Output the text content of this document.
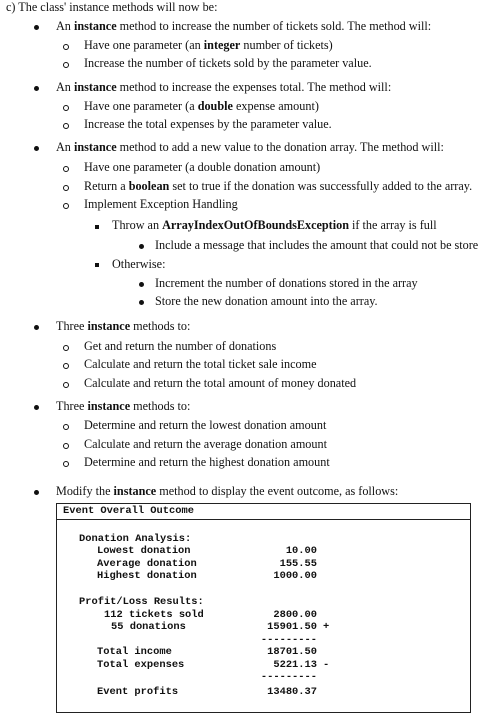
c) The class' instance methods will now be:
An instance method to increase the number of tickets sold. The method will:
Have one parameter (an integer number of tickets)
Increase the number of tickets sold by the parameter value.
An instance method to increase the expenses total. The method will:
Have one parameter (a double expense amount)
Increase the total expenses by the parameter value.
An instance method to add a new value to the donation array. The method will:
Have one parameter (a double donation amount)
Return a boolean set to true if the donation was successfully added to the array.
Implement Exception Handling
Throw an ArrayIndexOutOfBoundsException if the array is full
Include a message that includes the amount that could not be store
Otherwise:
Increment the number of donations stored in the array
Store the new donation amount into the array.
Three instance methods to:
Get and return the number of donations
Calculate and return the total ticket sale income
Calculate and return the total amount of money donated
Three instance methods to:
Determine and return the lowest donation amount
Calculate and return the average donation amount
Determine and return the highest donation amount
Modify the instance method to display the event outcome, as follows:
Event Overall Outcome
Donation Analysis:
Lowest donation	10.00
Average donation	155.55
Highest donation	1000.00
Profit/Loss Results:
112 tickets sold	2800.00
55 donations	15901.50 +
---------
Total income	18701.50
Total expenses	5221.13 -
---------
Event profits	13480.37
